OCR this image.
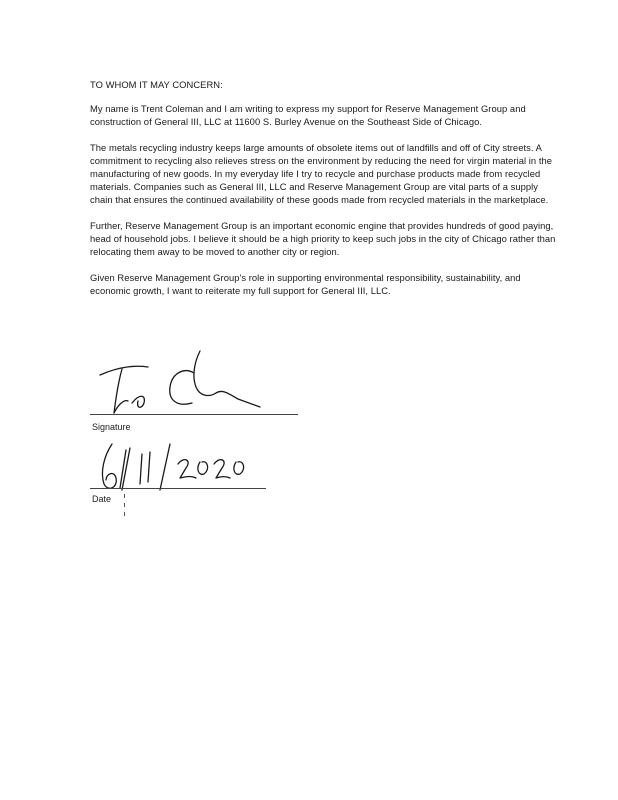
TO WHOM IT MAY CONCERN:

My name is Trent Coleman and I am writing to express my support for Reserve Management Group and construction of General III, LLC at 11600 S. Burley Avenue on the Southeast Side of Chicago.

The metals recycling industry keeps large amounts of obsolete items out of landfills and off of City streets. A commitment to recycling also relieves stress on the environment by reducing the need for virgin material in the manufacturing of new goods. In my everyday life I try to recycle and purchase products made from recycled materials. Companies such as General III, LLC and Reserve Management Group are vital parts of a supply chain that ensures the continued availability of these goods made from recycled materials in the marketplace.

Further, Reserve Management Group is an important economic engine that provides hundreds of good paying, head of household jobs. I believe it should be a high priority to keep such jobs in the city of Chicago rather than relocating them away to be moved to another city or region.

Given Reserve Management Group's role in supporting environmental responsibility, sustainability, and economic growth, I want to reiterate my full support for General III, LLC.

Signature
Date
